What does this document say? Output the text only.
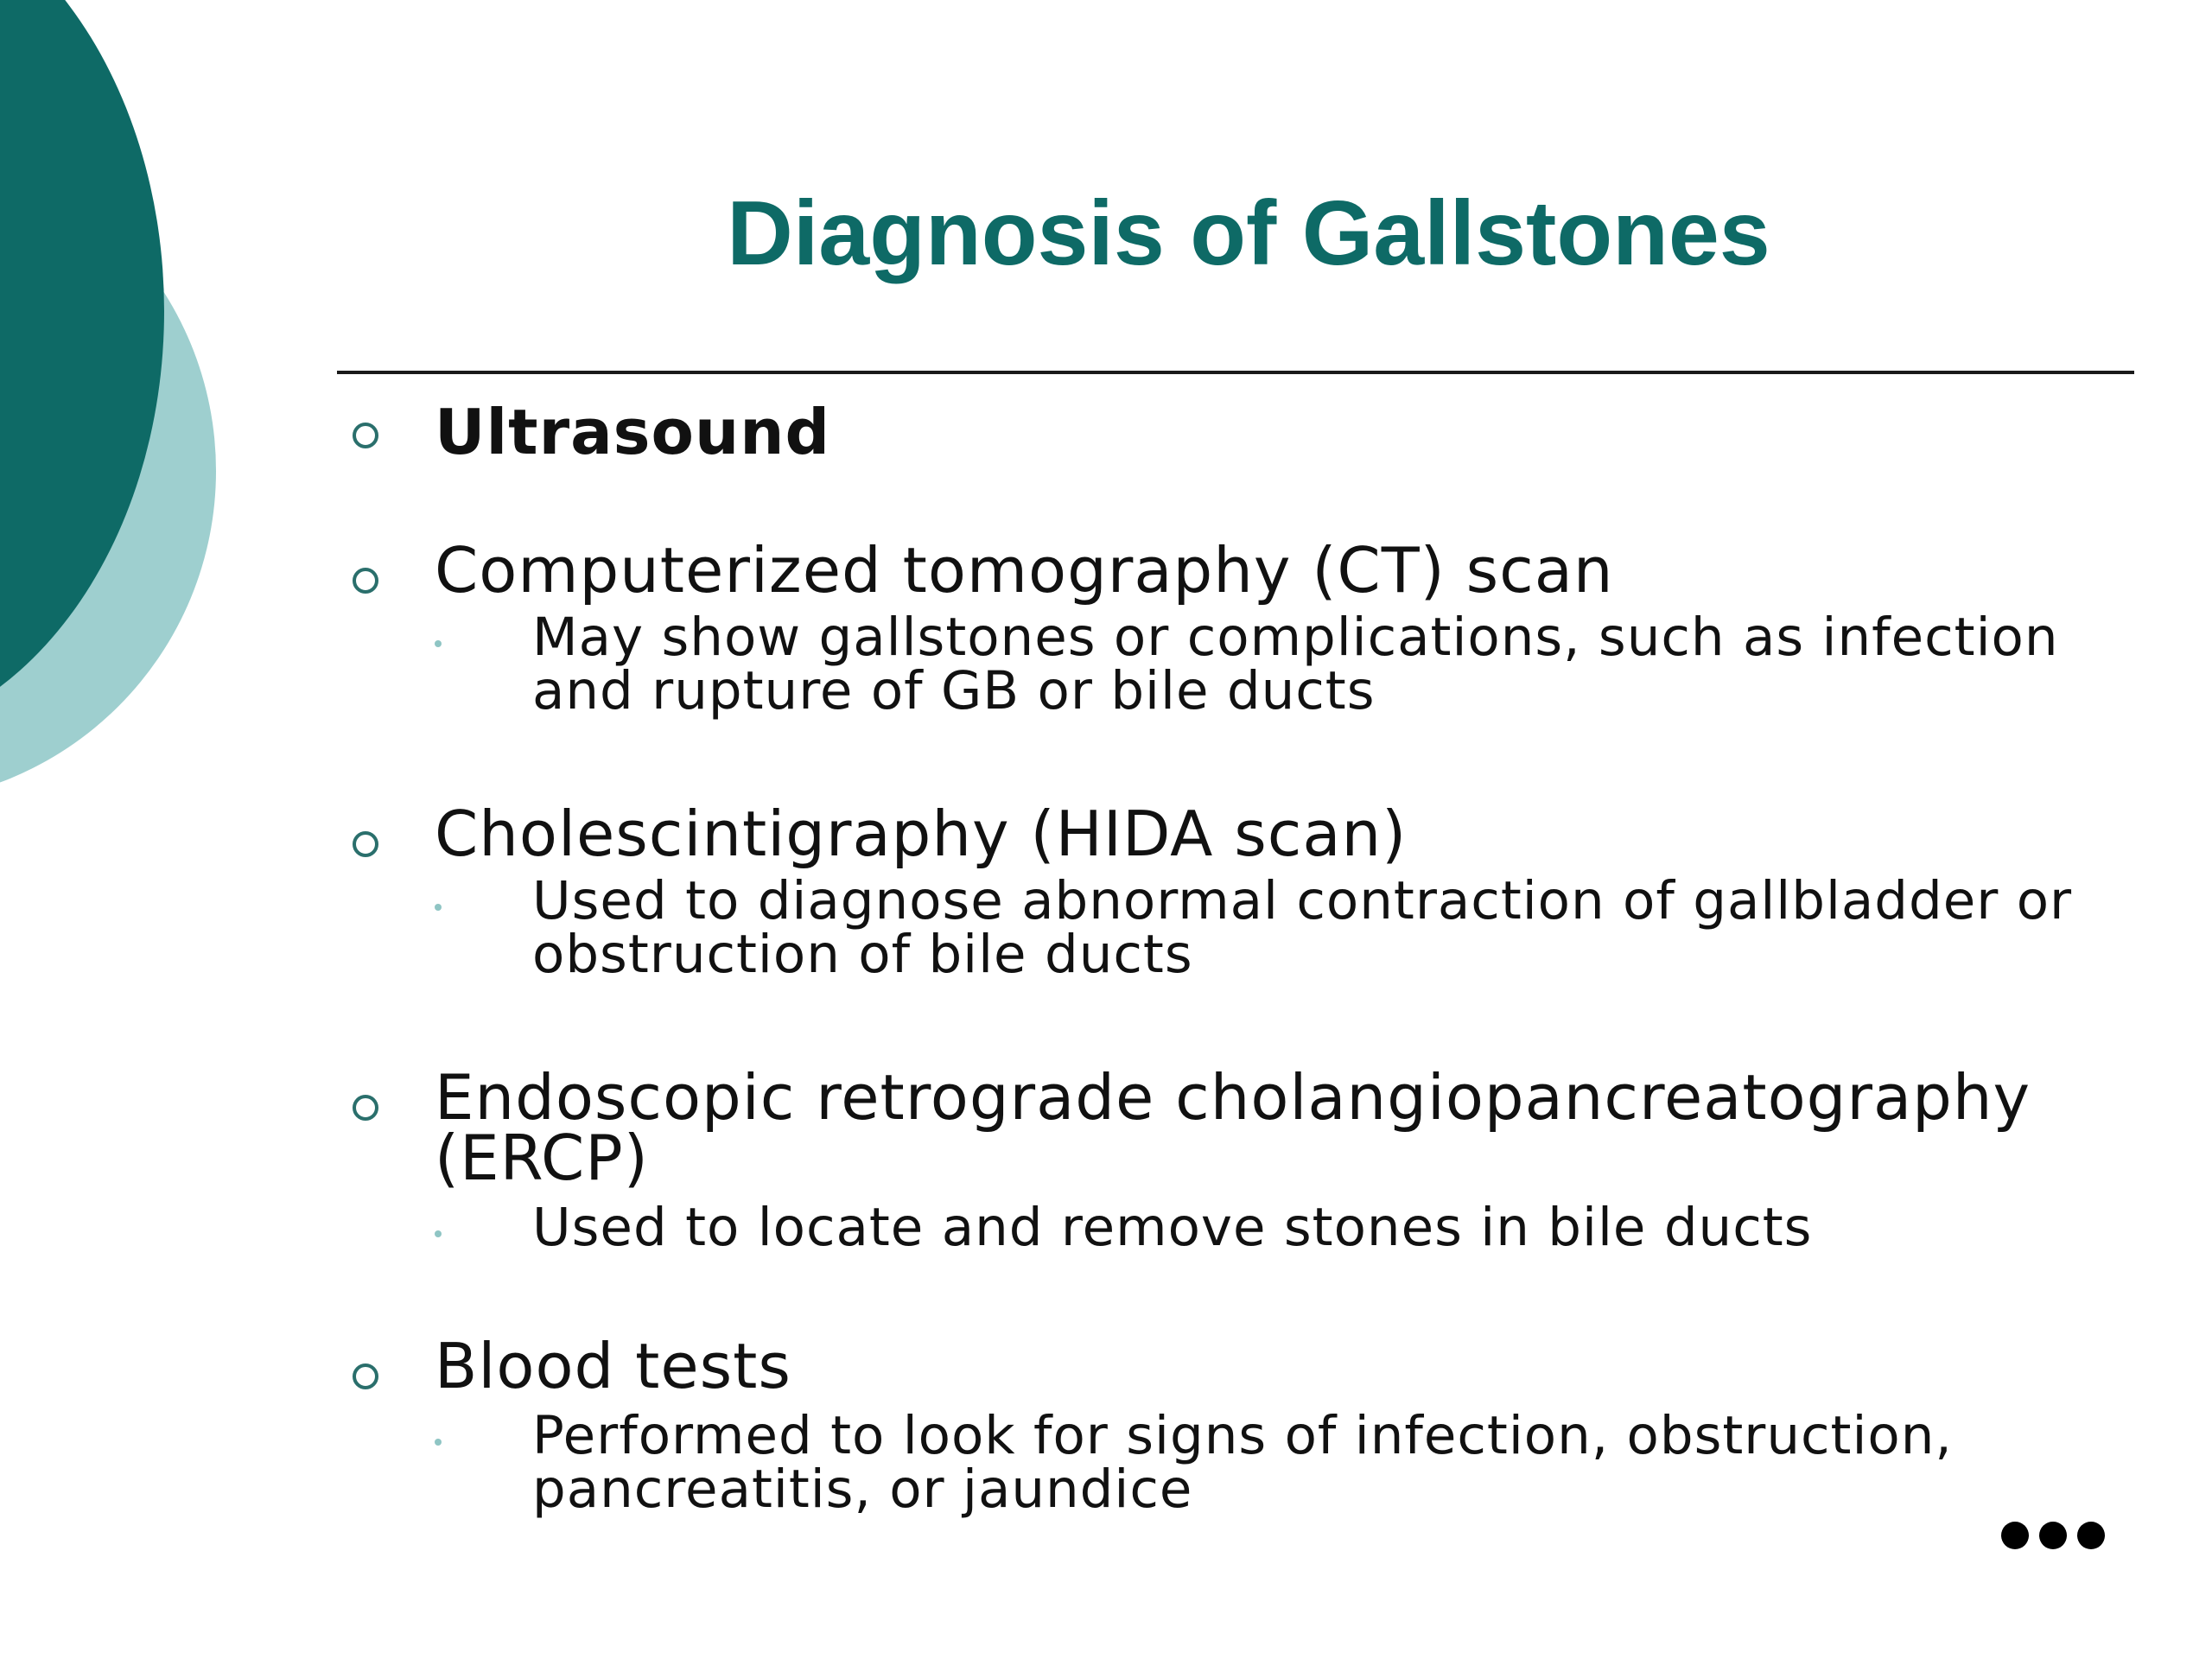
Diagnosis of Gallstones
Ultrasound
Computerized tomography (CT) scan
May show gallstones or complications, such as infection and rupture of GB or bile ducts
Cholescintigraphy (HIDA scan)
Used to diagnose abnormal contraction of gallbladder or obstruction of bile ducts
Endoscopic retrograde cholangiopancreatography (ERCP)
Used to locate and remove stones in bile ducts
Blood tests
Performed to look for signs of infection, obstruction, pancreatitis, or jaundice
